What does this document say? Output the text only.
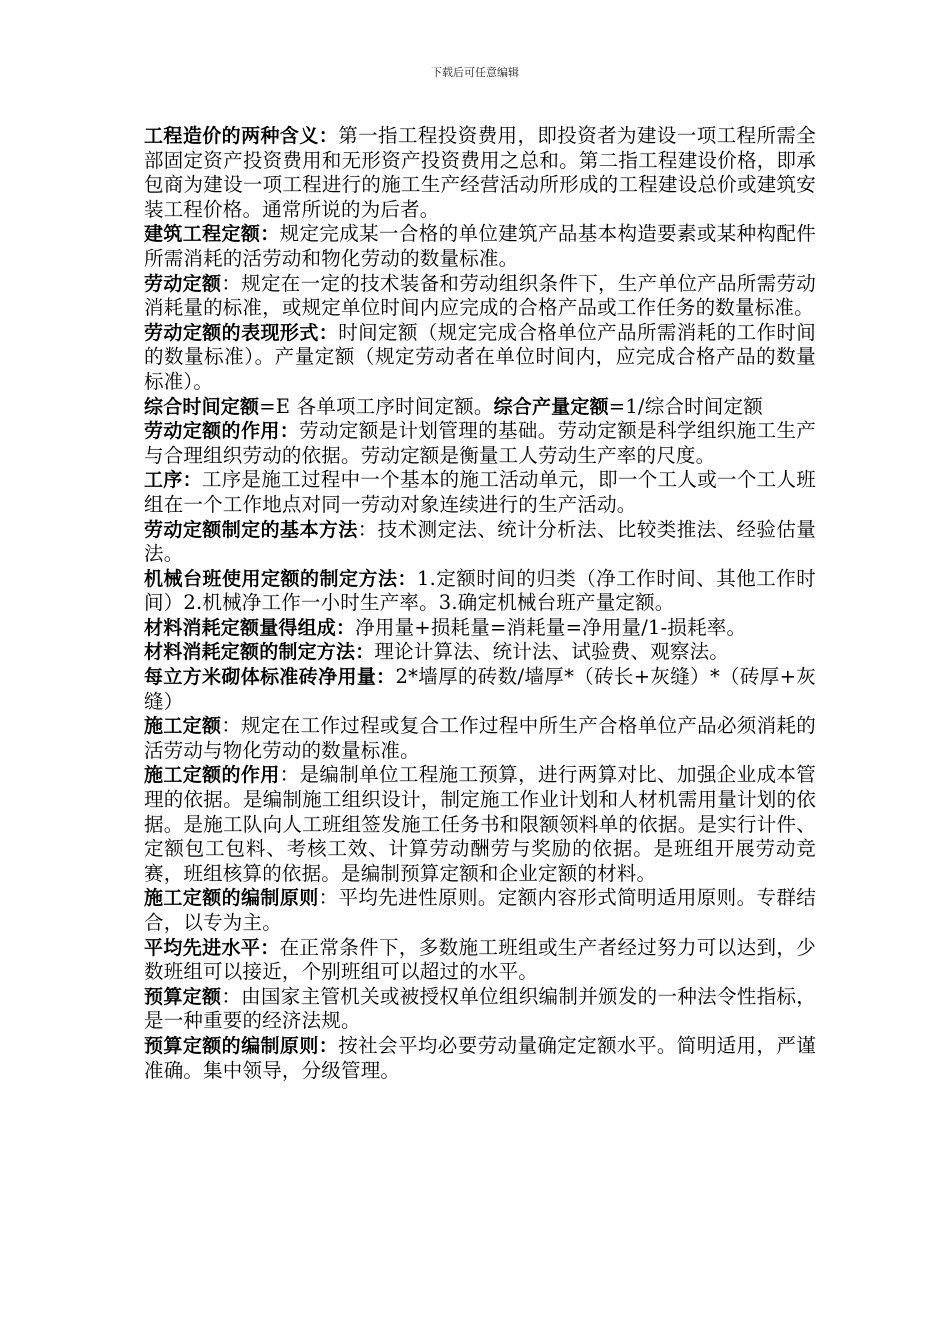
下载后可任意编辑

工程造价的两种含义：第一指工程投资费用，即投资者为建设一项工程所需全部固定资产投资费用和无形资产投资费用之总和。第二指工程建设价格，即承包商为建设一项工程进行的施工生产经营活动所形成的工程建设总价或建筑安装工程价格。通常所说的为后者。

建筑工程定额：规定完成某一合格的单位建筑产品基本构造要素或某种构配件所需消耗的活劳动和物化劳动的数量标准。

劳动定额：规定在一定的技术装备和劳动组织条件下，生产单位产品所需劳动消耗量的标准，或规定单位时间内应完成的合格产品或工作任务的数量标准。

劳动定额的表现形式：时间定额（规定完成合格单位产品所需消耗的工作时间的数量标准）。产量定额（规定劳动者在单位时间内，应完成合格产品的数量标准）。

综合时间定额=E 各单项工序时间定额。综合产量定额=1/综合时间定额

劳动定额的作用：劳动定额是计划管理的基础。劳动定额是科学组织施工生产与合理组织劳动的依据。劳动定额是衡量工人劳动生产率的尺度。

工序：工序是施工过程中一个基本的施工活动单元，即一个工人或一个工人班组在一个工作地点对同一劳动对象连续进行的生产活动。

劳动定额制定的基本方法：技术测定法、统计分析法、比较类推法、经验估量法。

机械台班使用定额的制定方法：1.定额时间的归类（净工作时间、其他工作时间）2.机械净工作一小时生产率。3.确定机械台班产量定额。

材料消耗定额量得组成：净用量+损耗量=消耗量=净用量/1-损耗率。

材料消耗定额的制定方法：理论计算法、统计法、试验费、观察法。

每立方米砌体标准砖净用量：2*墙厚的砖数/墙厚*（砖长+灰缝）*（砖厚+灰缝）

施工定额：规定在工作过程或复合工作过程中所生产合格单位产品必须消耗的活劳动与物化劳动的数量标准。

施工定额的作用：是编制单位工程施工预算，进行两算对比、加强企业成本管理的依据。是编制施工组织设计，制定施工作业计划和人材机需用量计划的依据。是施工队向人工班组签发施工任务书和限额领料单的依据。是实行计件、定额包工包料、考核工效、计算劳动酬劳与奖励的依据。是班组开展劳动竞赛，班组核算的依据。是编制预算定额和企业定额的材料。

施工定额的编制原则：平均先进性原则。定额内容形式简明适用原则。专群结合，以专为主。

平均先进水平：在正常条件下，多数施工班组或生产者经过努力可以达到，少数班组可以接近，个别班组可以超过的水平。

预算定额：由国家主管机关或被授权单位组织编制并颁发的一种法令性指标，是一种重要的经济法规。

预算定额的编制原则：按社会平均必要劳动量确定定额水平。简明适用，严谨准确。集中领导，分级管理。
